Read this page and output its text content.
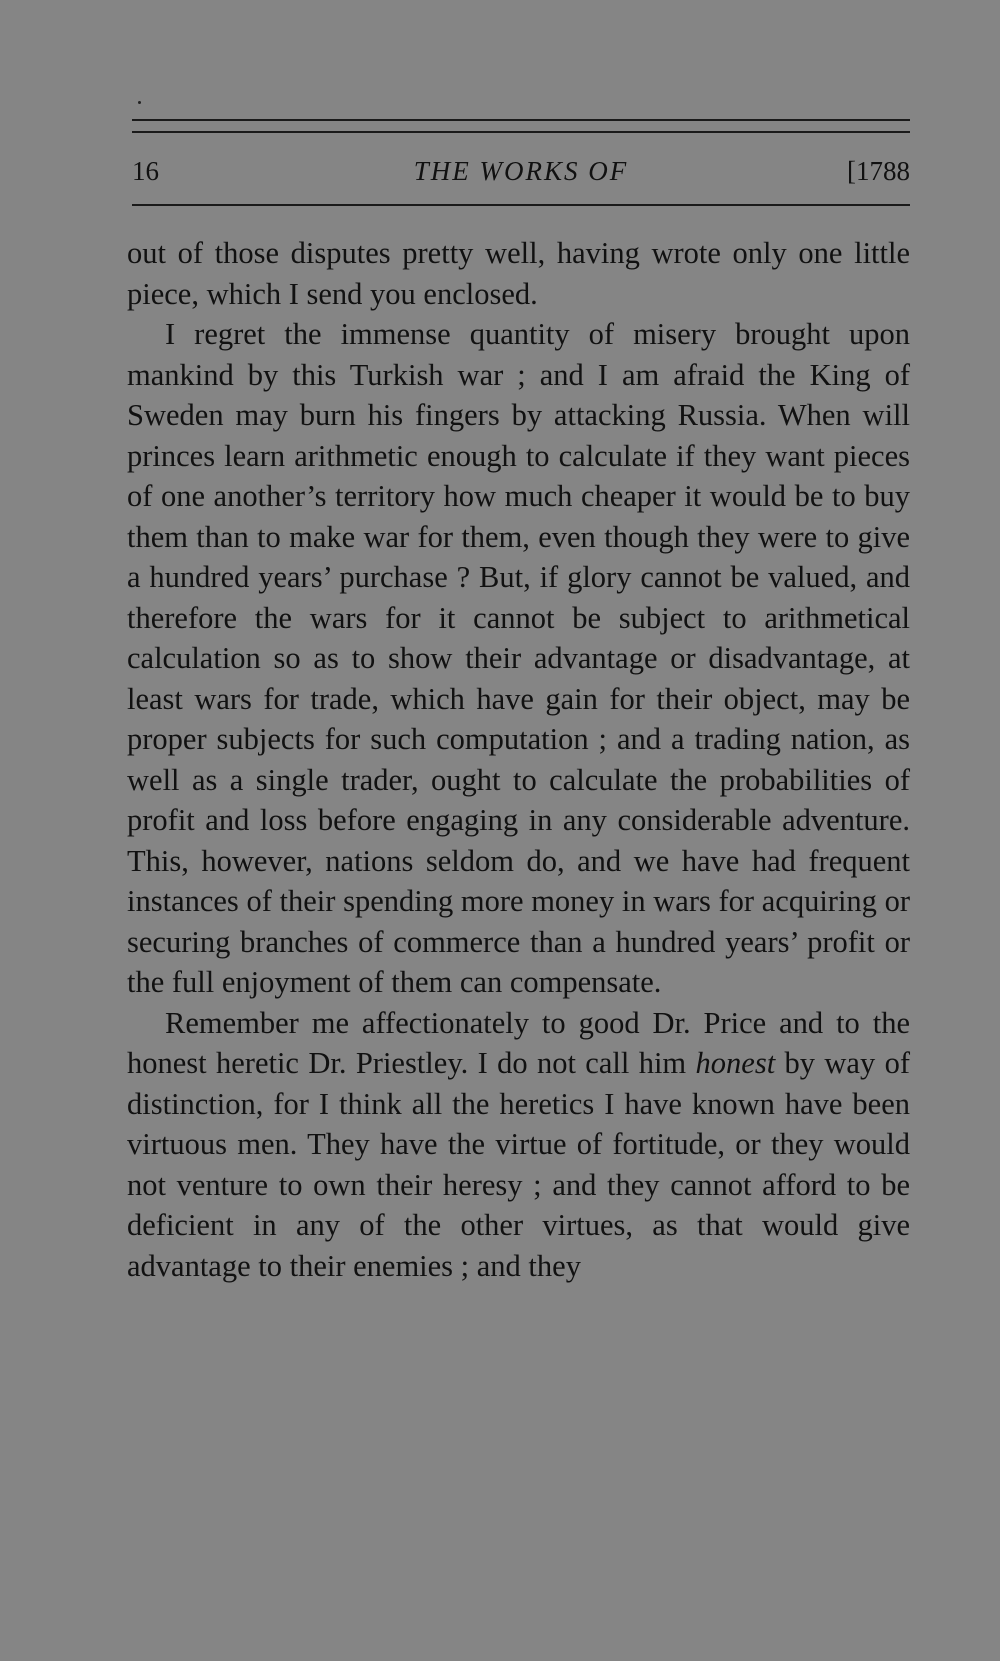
16	THE WORKS OF	[1788

out of those disputes pretty well, having wrote only one little piece, which I send you enclosed.

I regret the immense quantity of misery brought upon mankind by this Turkish war ; and I am afraid the King of Sweden may burn his fingers by attacking Russia. When will princes learn arithmetic enough to calculate if they want pieces of one another’s territory how much cheaper it would be to buy them than to make war for them, even though they were to give a hundred years’ purchase ? But, if glory cannot be valued, and therefore the wars for it cannot be subject to arithmetical calculation so as to show their advantage or disadvantage, at least wars for trade, which have gain for their object, may be proper subjects for such computation ; and a trading nation, as well as a single trader, ought to calculate the probabilities of profit and loss before engaging in any considerable adventure. This, however, nations seldom do, and we have had frequent instances of their spending more money in wars for acquiring or securing branches of commerce than a hundred years’ profit or the full enjoyment of them can compensate.

Remember me affectionately to good Dr. Price and to the honest heretic Dr. Priestley. I do not call him honest by way of distinction, for I think all the heretics I have known have been virtuous men. They have the virtue of fortitude, or they would not venture to own their heresy ; and they cannot afford to be deficient in any of the other virtues, as that would give advantage to their enemies ; and they
